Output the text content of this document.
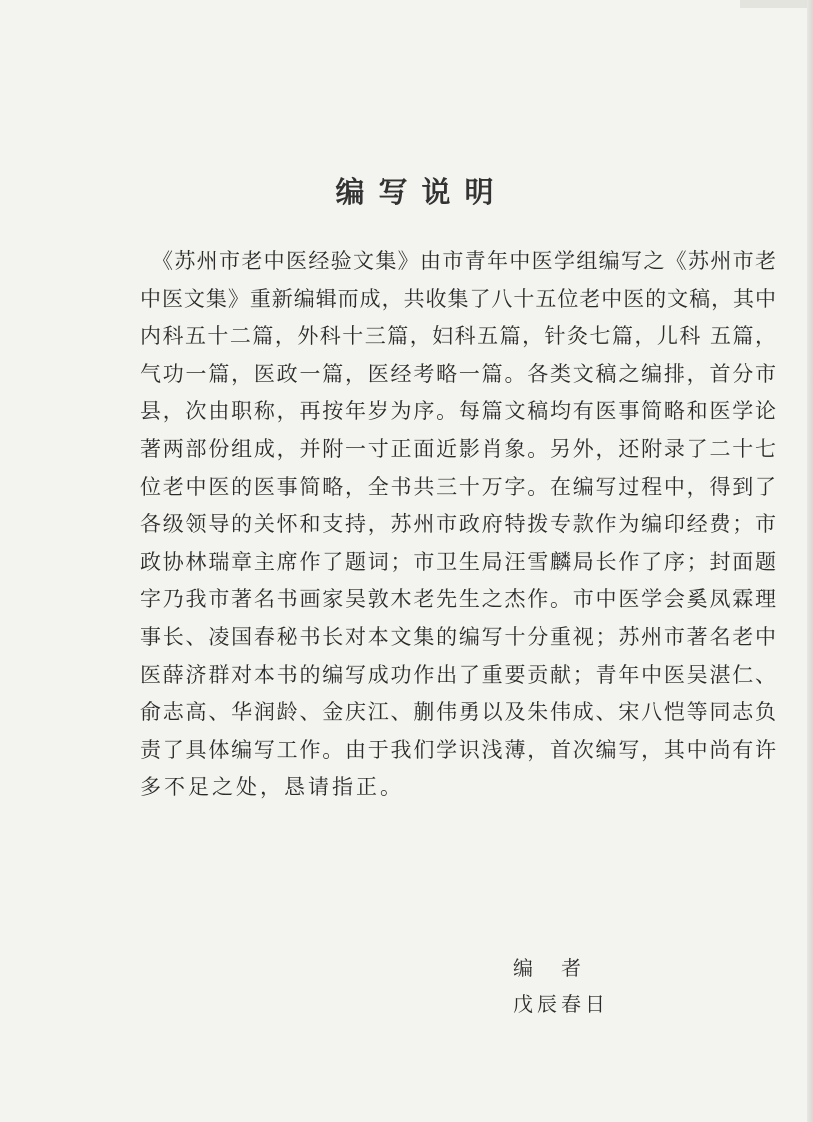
编写说明
《苏州市老中医经验文集》由市青年中医学组编写之《苏州市老
中医文集》重新编辑而成，共收集了八十五位老中医的文稿，其中
内科五十二篇，外科十三篇，妇科五篇，针灸七篇，儿科 五篇，
气功一篇，医政一篇，医经考略一篇。各类文稿之编排，首分市
县，次由职称，再按年岁为序。每篇文稿均有医事简略和医学论
著两部份组成，并附一寸正面近影肖象。另外，还附录了二十七
位老中医的医事简略，全书共三十万字。在编写过程中，得到了
各级领导的关怀和支持，苏州市政府特拨专款作为编印经费；市
政协林瑞章主席作了题词；市卫生局汪雪麟局长作了序；封面题
字乃我市著名书画家吴敦木老先生之杰作。市中医学会奚凤霖理
事长、凌国春秘书长对本文集的编写十分重视；苏州市著名老中
医薛济群对本书的编写成功作出了重要贡献；青年中医吴湛仁、
俞志高、华润龄、金庆江、蒯伟勇以及朱伟成、宋八恺等同志负
责了具体编写工作。由于我们学识浅薄，首次编写，其中尚有许
多不足之处，恳请指正。
编者
戊辰春日
